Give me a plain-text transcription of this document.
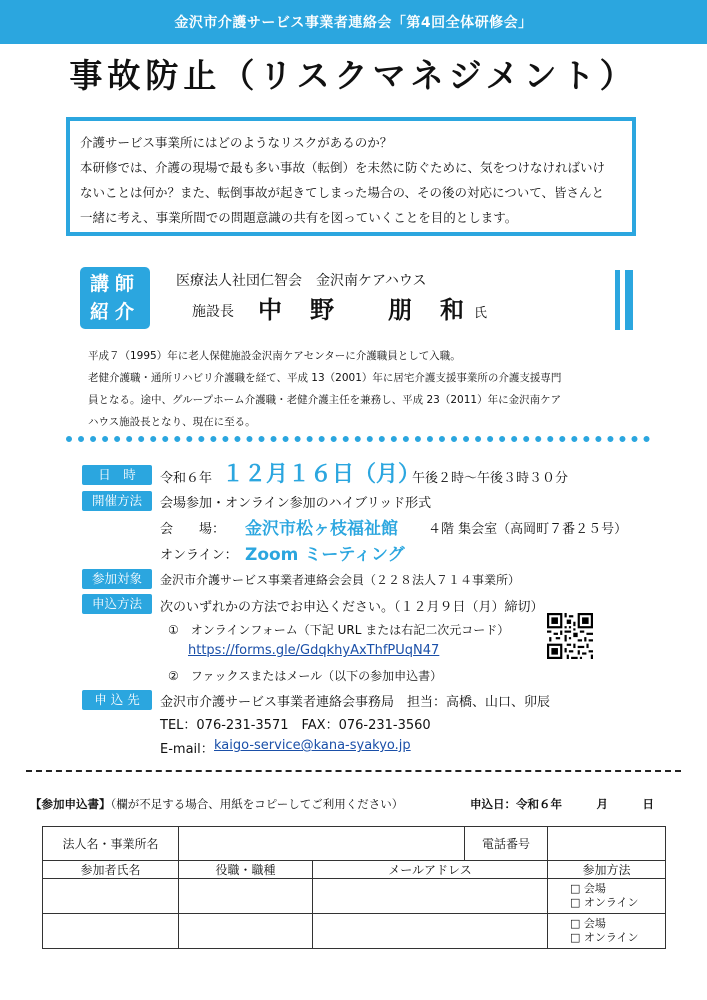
金沢市介護サービス事業者連絡会「第4回全体研修会」
事故防止（リスクマネジメント）
介護サービス事業所にはどのようなリスクがあるのか？
本研修では、介護の現場で最も多い事故（転倒）を未然に防ぐために、気をつけなければいけ
ないことは何か？また、転倒事故が起きてしまった場合の、その後の対応について、皆さんと
一緒に考え、事業所間での問題意識の共有を図っていくことを目的とします。
講師
紹介
医療法人社団仁智会　金沢南ケアハウス
施設長 中　野　　朋　和 氏
平成７（1995）年に老人保健施設金沢南ケアセンターに介護職員として入職。
老健介護職・通所リハビリ介護職を経て、平成 13（2001）年に居宅介護支援事業所の介護支援専門
員となる。途中、グループホーム介護職・老健介護主任を兼務し、平成 23（2011）年に金沢南ケア
ハウス施設長となり、現在に至る。
日　時	令和６年 １２月１６日（月）
午後２時〜午後３時３０分
開催方法	会場参加・オンライン参加のハイブリッド形式
会　　場： 金沢市松ヶ枝福祉館 ４階 集会室（高岡町７番２５号）
オンライン： Zoom ミーティング
参加対象	金沢市介護サービス事業者連絡会会員（２２８法人７１４事業所）
申込方法	次のいずれかの方法でお申込ください。（１２月９日（月）締切）
①　オンラインフォーム（下記 URL または右記二次元コード）
https://forms.gle/GdqkhyAxThfPUqN47
②　ファックスまたはメール（以下の参加申込書）
申 込 先	金沢市介護サービス事業者連絡会事務局　担当：高橋、山口、卯辰
TEL：076-231-3571　FAX：076-231-3560
E-mail： kaigo-service@kana-syakyo.jp
【参加申込書】（欄が不足する場合、用紙をコピーしてご利用ください）	申込日：令和６年　　　月　　　日
法人名・事業所名			電話番号	
参加者氏名	役職・職種	メールアドレス		参加方法

				□ 会場
□ オンライン

				□ 会場
□ オンライン
